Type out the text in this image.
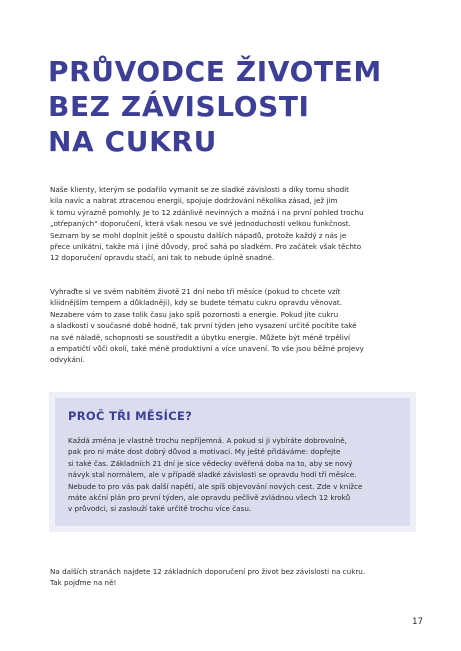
PRŮVODCE ŽIVOTEM
BEZ ZÁVISLOSTI
NA CUKRU

Naše klienty, kterým se podařilo vymanit se ze sladké závislosti a díky tomu shodit
kila navíc a nabrat ztracenou energii, spojuje dodržování několika zásad, jež jim
k tomu výrazně pomohly. Je to 12 zdánlivě nevinných a možná i na první pohled trochu
„otřepaných“ doporučení, která však nesou ve své jednoduchosti velkou funkčnost.
Seznam by se mohl doplnit ještě o spoustu dalších nápadů, protože každý z nás je
přece unikátní, takže má i jiné důvody, proč sahá po sladkém. Pro začátek však těchto
12 doporučení opravdu stačí, ani tak to nebude úplně snadné.

Vyhraďte si ve svém nabitém životě 21 dní nebo tři měsíce (pokud to chcete vzít
kliidnějším tempem a důkladněji), kdy se budete tématu cukru opravdu věnovat.
Nezabere vám to zase tolik času jako spíš pozornosti a energie. Pokud jíte cukru
a sladkostí v současné době hodně, tak první týden jeho vysazení určitě pocítíte také
na své náladě, schopnosti se soustředit a úbytku energie. Můžete být méně trpěliví
a empatičtí vůči okolí, také méně produktivní a více unavení. To vše jsou běžné projevy
odvykání.

PROČ TŘI MĚSÍCE?

Každá změna je vlastně trochu nepříjemná. A pokud si ji vybíráte dobrovolně,
pak pro ni máte dost dobrý důvod a motivaci. My ještě přidáváme: dopřejte
si také čas. Základních 21 dní je sice vědecky ověřená doba na to, aby se nový
návyk stal normálem, ale v případě sladké závislosti se opravdu hodí tři měsíce.
Nebude to pro vás pak další napětí, ale spíš objevování nových cest. Zde v knížce
máte akční plán pro první týden, ale opravdu pečlivě zvládnou všech 12 kroků
v průvodci, si zaslouží také určitě trochu více času.

Na dalších stranách najdete 12 základních doporučení pro život bez závislosti na cukru.
Tak pojďme na ně!

17
